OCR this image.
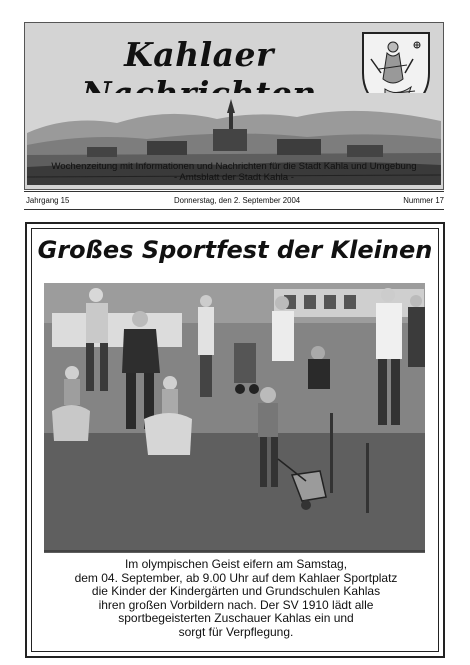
Kahlaer
Wochenzeitung mit Informationen und Nachrichten für die Stadt Kahla und Umgebung
- Amtsblatt der Stadt Kahla -
Jahrgang 15	Donnerstag, den 2. September 2004	Nummer 17
Großes Sportfest der Kleinen
Im olympischen Geist eifern am Samstag,
dem 04. September, ab 9.00 Uhr auf dem Kahlaer Sportplatz
die Kinder der Kindergärten und Grundschulen Kahlas
ihren großen Vorbildern nach. Der SV 1910 lädt alle
sportbegeisterten Zuschauer Kahlas ein und
sorgt für Verpflegung.
